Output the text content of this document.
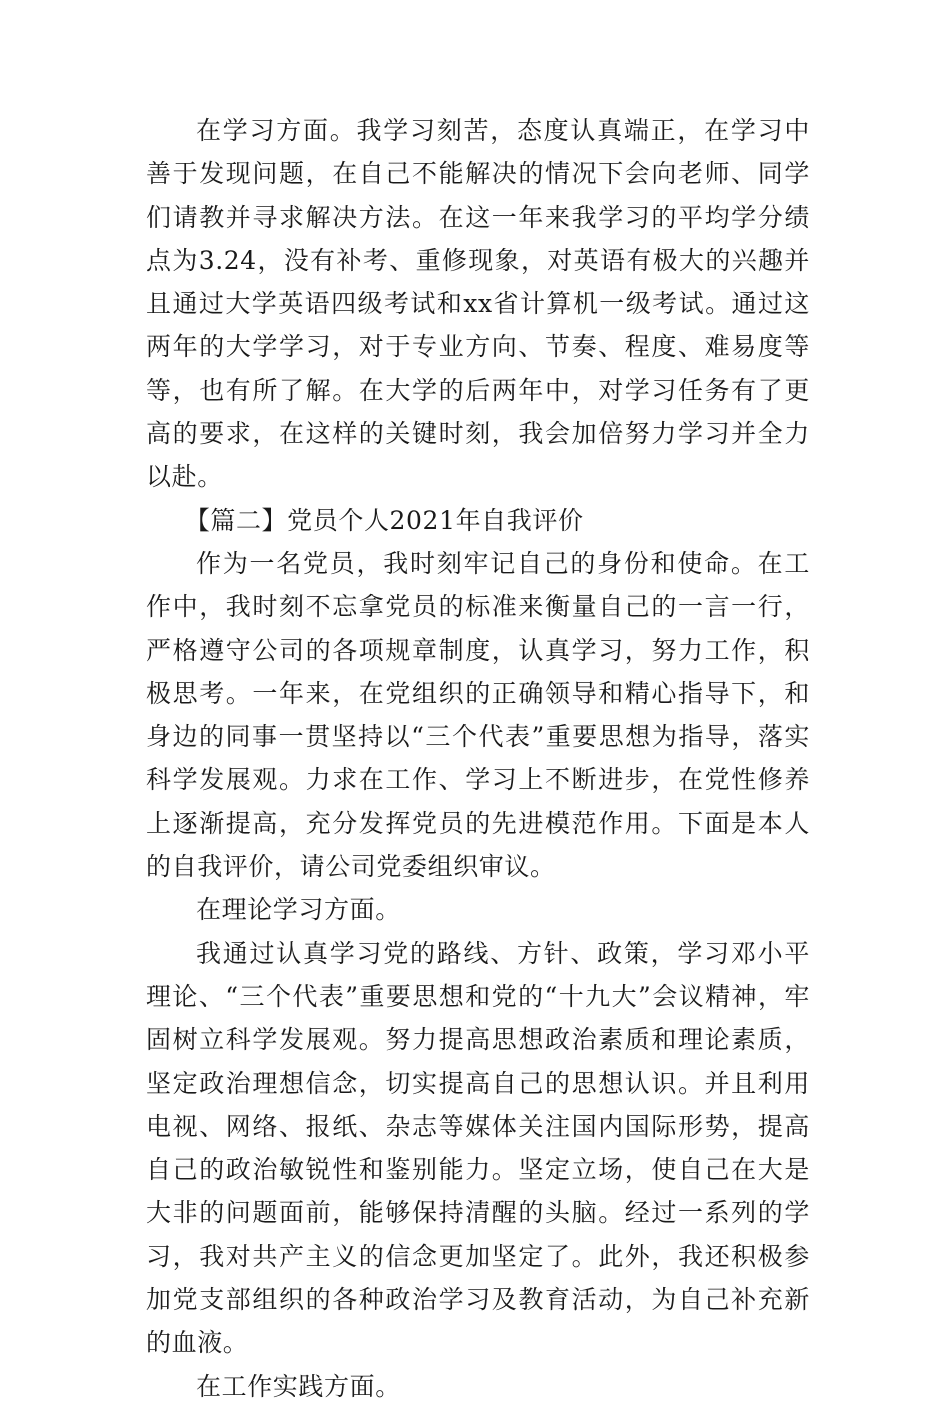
在学习方面。我学习刻苦，态度认真端正，在学习中善于发现问题，在自己不能解决的情况下会向老师、同学们请教并寻求解决方法。在这一年来我学习的平均学分绩点为3.24，没有补考、重修现象，对英语有极大的兴趣并且通过大学英语四级考试和xx省计算机一级考试。通过这两年的大学学习，对于专业方向、节奏、程度、难易度等等，也有所了解。在大学的后两年中，对学习任务有了更高的要求，在这样的关键时刻，我会加倍努力学习并全力以赴。

【篇二】党员个人2021年自我评价

作为一名党员，我时刻牢记自己的身份和使命。在工作中，我时刻不忘拿党员的标准来衡量自己的一言一行，严格遵守公司的各项规章制度，认真学习，努力工作，积极思考。一年来，在党组织的正确领导和精心指导下，和身边的同事一贯坚持以“三个代表”重要思想为指导，落实科学发展观。力求在工作、学习上不断进步，在党性修养上逐渐提高，充分发挥党员的先进模范作用。下面是本人的自我评价，请公司党委组织审议。

在理论学习方面。

我通过认真学习党的路线、方针、政策，学习邓小平理论、“三个代表”重要思想和党的“十九大”会议精神，牢固树立科学发展观。努力提高思想政治素质和理论素质，坚定政治理想信念，切实提高自己的思想认识。并且利用电视、网络、报纸、杂志等媒体关注国内国际形势，提高自己的政治敏锐性和鉴别能力。坚定立场，使自己在大是大非的问题面前，能够保持清醒的头脑。经过一系列的学习，我对共产主义的信念更加坚定了。此外，我还积极参加党支部组织的各种政治学习及教育活动，为自己补充新的血液。

在工作实践方面。
